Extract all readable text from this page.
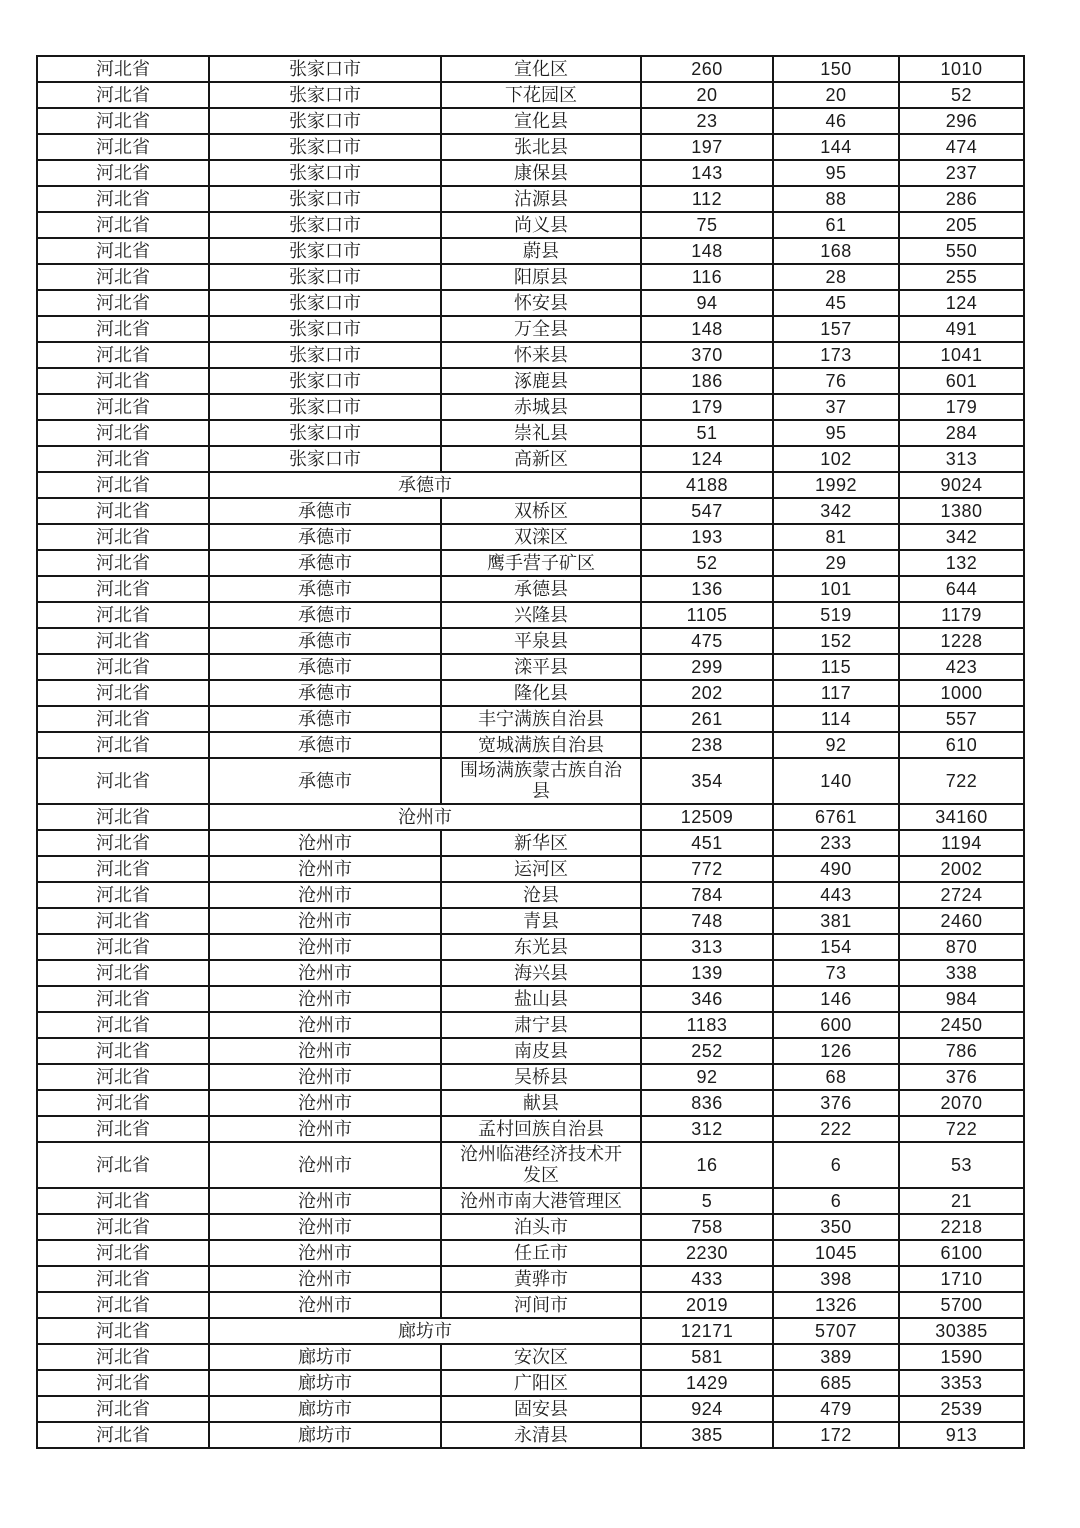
河北省	张家口市	宣化区	260	150	1010
河北省	张家口市	下花园区	20	20	52
河北省	张家口市	宣化县	23	46	296
河北省	张家口市	张北县	197	144	474
河北省	张家口市	康保县	143	95	237
河北省	张家口市	沽源县	112	88	286
河北省	张家口市	尚义县	75	61	205
河北省	张家口市	蔚县	148	168	550
河北省	张家口市	阳原县	116	28	255
河北省	张家口市	怀安县	94	45	124
河北省	张家口市	万全县	148	157	491
河北省	张家口市	怀来县	370	173	1041
河北省	张家口市	涿鹿县	186	76	601
河北省	张家口市	赤城县	179	37	179
河北省	张家口市	崇礼县	51	95	284
河北省	张家口市	高新区	124	102	313
河北省	承德市		4188	1992	9024
河北省	承德市	双桥区	547	342	1380
河北省	承德市	双滦区	193	81	342
河北省	承德市	鹰手营子矿区	52	29	132
河北省	承德市	承德县	136	101	644
河北省	承德市	兴隆县	1105	519	1179
河北省	承德市	平泉县	475	152	1228
河北省	承德市	滦平县	299	115	423
河北省	承德市	隆化县	202	117	1000
河北省	承德市	丰宁满族自治县	261	114	557
河北省	承德市	宽城满族自治县	238	92	610
河北省	承德市	围场满族蒙古族自治县	354	140	722
河北省	沧州市		12509	6761	34160
河北省	沧州市	新华区	451	233	1194
河北省	沧州市	运河区	772	490	2002
河北省	沧州市	沧县	784	443	2724
河北省	沧州市	青县	748	381	2460
河北省	沧州市	东光县	313	154	870
河北省	沧州市	海兴县	139	73	338
河北省	沧州市	盐山县	346	146	984
河北省	沧州市	肃宁县	1183	600	2450
河北省	沧州市	南皮县	252	126	786
河北省	沧州市	吴桥县	92	68	376
河北省	沧州市	献县	836	376	2070
河北省	沧州市	孟村回族自治县	312	222	722
河北省	沧州市	沧州临港经济技术开发区	16	6	53
河北省	沧州市	沧州市南大港管理区	5	6	21
河北省	沧州市	泊头市	758	350	2218
河北省	沧州市	任丘市	2230	1045	6100
河北省	沧州市	黄骅市	433	398	1710
河北省	沧州市	河间市	2019	1326	5700
河北省	廊坊市		12171	5707	30385
河北省	廊坊市	安次区	581	389	1590
河北省	廊坊市	广阳区	1429	685	3353
河北省	廊坊市	固安县	924	479	2539
河北省	廊坊市	永清县	385	172	913
